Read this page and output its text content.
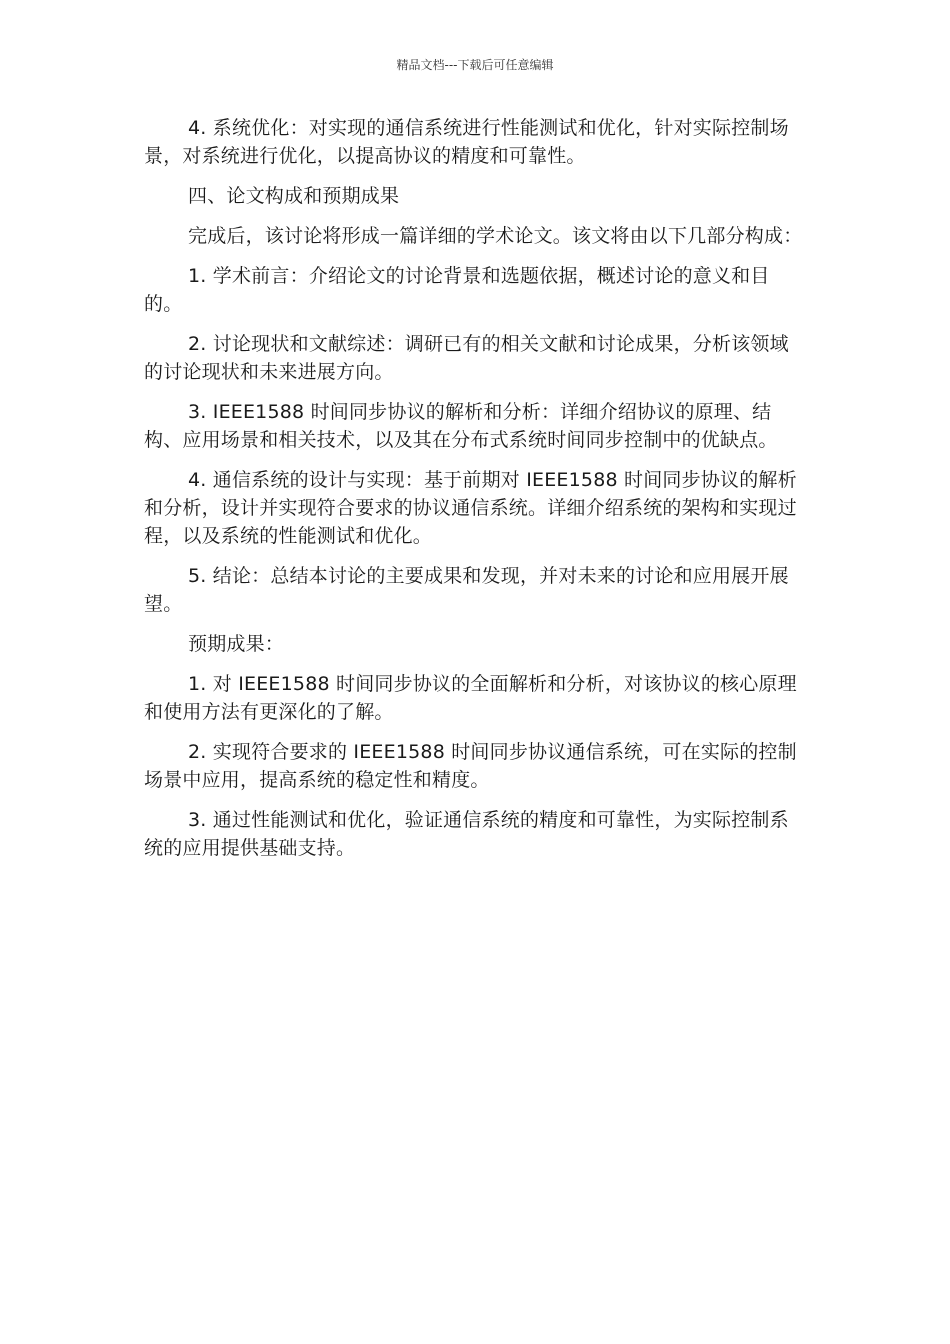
精品文档---下载后可任意编辑

4. 系统优化：对实现的通信系统进行性能测试和优化，针对实际控制场景，对系统进行优化，以提高协议的精度和可靠性。

四、论文构成和预期成果

完成后，该讨论将形成一篇详细的学术论文。该文将由以下几部分构成：

1. 学术前言：介绍论文的讨论背景和选题依据，概述讨论的意义和目的。

2. 讨论现状和文献综述：调研已有的相关文献和讨论成果，分析该领域的讨论现状和未来进展方向。

3. IEEE1588 时间同步协议的解析和分析：详细介绍协议的原理、结构、应用场景和相关技术，以及其在分布式系统时间同步控制中的优缺点。

4. 通信系统的设计与实现：基于前期对 IEEE1588 时间同步协议的解析和分析，设计并实现符合要求的协议通信系统。详细介绍系统的架构和实现过程，以及系统的性能测试和优化。

5. 结论：总结本讨论的主要成果和发现，并对未来的讨论和应用展开展望。

预期成果：

1. 对 IEEE1588 时间同步协议的全面解析和分析，对该协议的核心原理和使用方法有更深化的了解。

2. 实现符合要求的 IEEE1588 时间同步协议通信系统，可在实际的控制场景中应用，提高系统的稳定性和精度。

3. 通过性能测试和优化，验证通信系统的精度和可靠性，为实际控制系统的应用提供基础支持。
